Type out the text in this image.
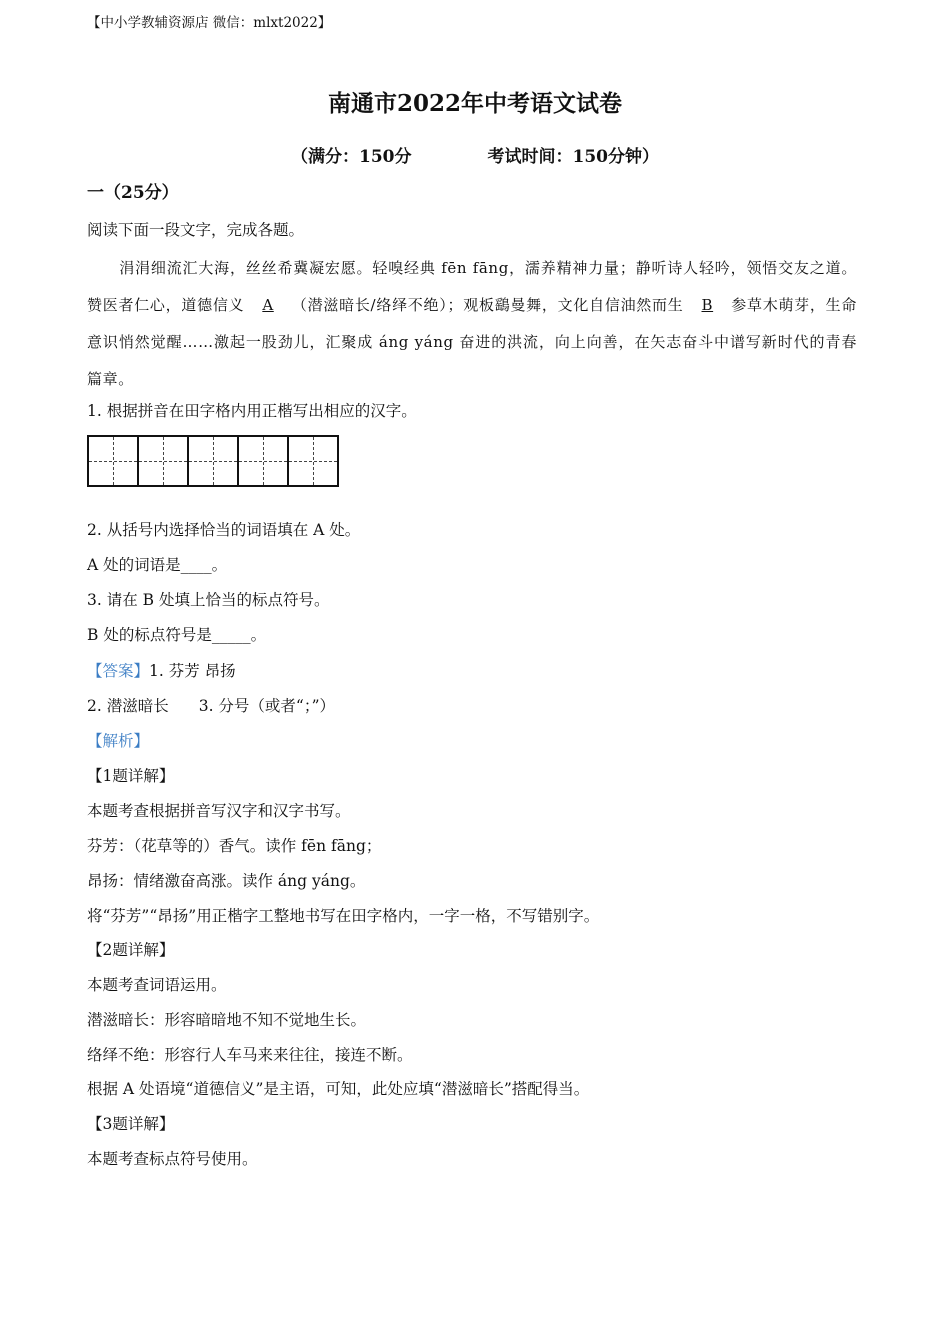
【中小学教辅资源店 微信：mlxt2022】
南通市2022年中考语文试卷
（满分：150分	考试时间：150分钟）
一（25分）
阅读下面一段文字，完成各题。
涓涓细流汇大海，丝丝希冀凝宏愿。轻嗅经典 fēn fāng，濡养精神力量；静听诗人轻吟，领悟交友之道。赞医者仁心，道德信义 A （潜滋暗长/络绎不绝）；观板鷂曼舞，文化自信油然而生 B 参草木萌芽，生命意识悄然觉醒……激起一股劲儿，汇聚成 áng yáng 奋进的洪流，向上向善，在矢志奋斗中谱写新时代的青春篇章。
1. 根据拼音在田字格内用正楷写出相应的汉字。
2. 从括号内选择恰当的词语填在 A 处。
A 处的词语是____。
3. 请在 B 处填上恰当的标点符号。
B 处的标点符号是_____。
【答案】1. 芬芳 昂扬
2. 潜滋暗长 3. 分号（或者“；”）
【解析】
【1题详解】
本题考查根据拼音写汉字和汉字书写。
芬芳：（花草等的）香气。读作 fēn fāng；
昂扬：情绪激奋高涨。读作 áng yáng。
将“芬芳”“昂扬”用正楷字工整地书写在田字格内，一字一格，不写错别字。
【2题详解】
本题考查词语运用。
潜滋暗长：形容暗暗地不知不觉地生长。
络绎不绝：形容行人车马来来往往，接连不断。
根据 A 处语境“道德信义”是主语，可知，此处应填“潜滋暗长”搭配得当。
【3题详解】
本题考查标点符号使用。
